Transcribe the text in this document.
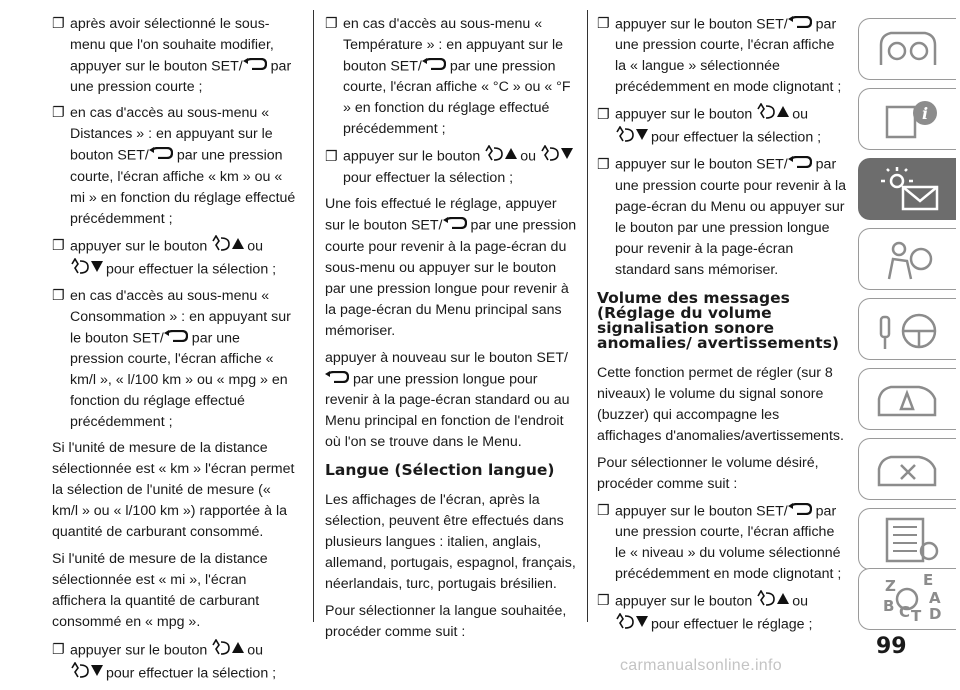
❐ après avoir sélectionné le sous-menu que l'on souhaite modifier, appuyer sur le bouton SET/ par une pression courte ;
❐ en cas d'accès au sous-menu « Distances » : en appuyant sur le bouton SET/ par une pression courte, l'écran affiche « km » ou « mi » en fonction du réglage effectué précédemment ;
❐ appuyer sur le bouton	ou pour effectuer la sélection ;
❐ en cas d'accès au sous-menu « Consommation » : en appuyant sur le bouton SET/ par une pression courte, l'écran affiche « km/l », « l/100 km » ou « mpg » en fonction du réglage effectué précédemment ;
Si l'unité de mesure de la distance sélectionnée est « km » l'écran permet la sélection de l'unité de mesure (« km/l » ou « l/100 km ») rapportée à la quantité de carburant consommé.
Si l'unité de mesure de la distance sélectionnée est « mi », l'écran affichera la quantité de carburant consommé en « mpg ».
❐ appuyer sur le bouton	ou pour effectuer la sélection ;
❐ en cas d'accès au sous-menu « Température » : en appuyant sur le bouton SET/ par une pression courte, l'écran affiche « °C » ou « °F » en fonction du réglage effectué précédemment ;
❐ appuyer sur le bouton	ou pour effectuer la sélection ;
Une fois effectué le réglage, appuyer sur le bouton SET/ par une pression courte pour revenir à la page-écran du sous-menu ou appuyer sur le bouton par une pression longue pour revenir à la page-écran du Menu principal sans mémoriser.
appuyer à nouveau sur le bouton SET/  par une pression longue pour revenir à la page-écran standard ou au Menu principal en fonction de l'endroit où l'on se trouve dans le Menu.
Langue (Sélection langue)
Les affichages de l'écran, après la sélection, peuvent être effectués dans plusieurs langues : italien, anglais, allemand, portugais, espagnol, français, néerlandais, turc, portugais brésilien.
Pour sélectionner la langue souhaitée, procéder comme suit :
❐ appuyer sur le bouton SET/ par une pression courte, l'écran affiche la « langue » sélectionnée précédemment en mode clignotant ;
❐ appuyer sur le bouton	ou pour effectuer la sélection ;
❐ appuyer sur le bouton SET/ par une pression courte pour revenir à la page-écran du Menu ou appuyer sur le bouton par une pression longue pour revenir à la page-écran standard sans mémoriser.
Volume des messages (Réglage du volume signalisation sonore anomalies/ avertissements)
Cette fonction permet de régler (sur 8 niveaux) le volume du signal sonore (buzzer) qui accompagne les affichages d'anomalies/avertissements.
Pour sélectionner le volume désiré, procéder comme suit :
❐ appuyer sur le bouton SET/ par une pression courte, l'écran affiche le « niveau » du volume sélectionné précédemment en mode clignotant ;
❐ appuyer sur le bouton	ou pour effectuer le réglage ;
i
Z E
A
B C T D
99
carmanualsonline.info
